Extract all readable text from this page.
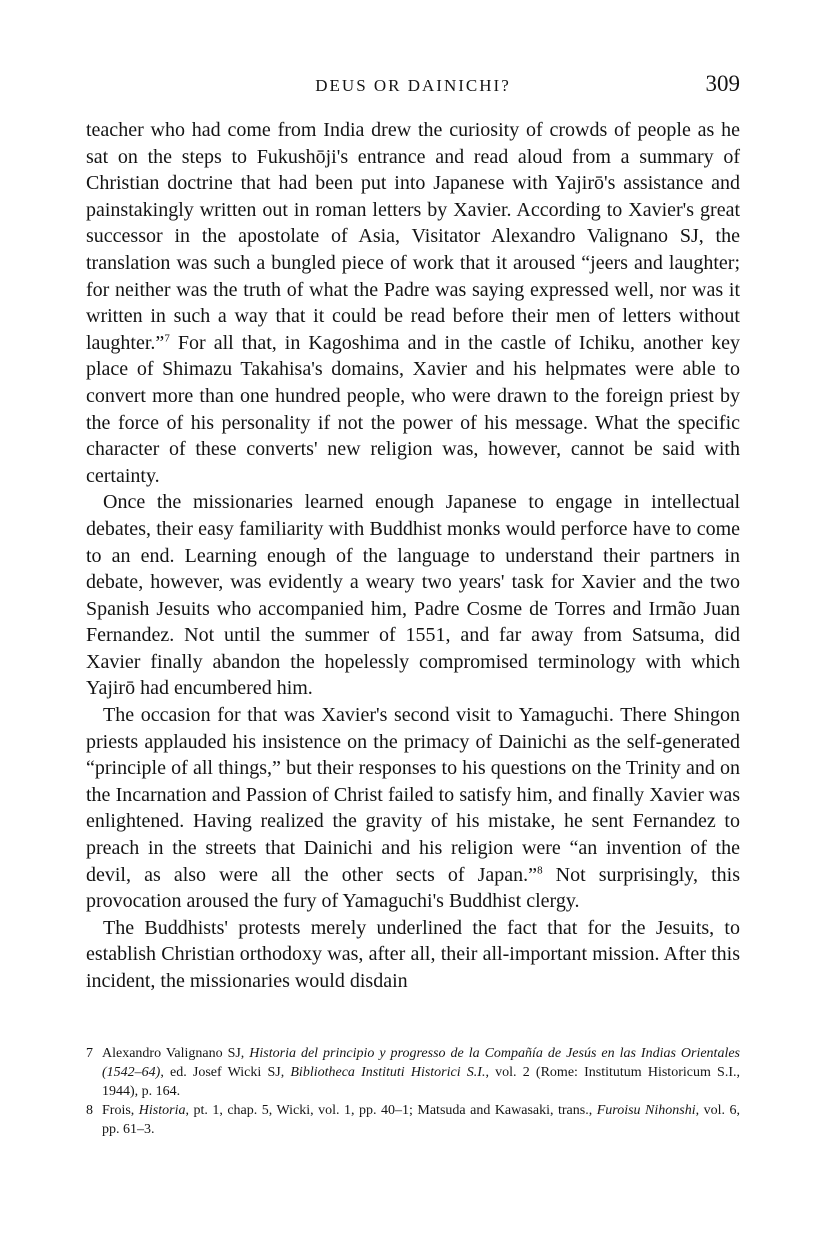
DEUS OR DAINICHI?	309

teacher who had come from India drew the curiosity of crowds of people as he sat on the steps to Fukushōji's entrance and read aloud from a summary of Christian doctrine that had been put into Japanese with Yajirō's assistance and painstakingly written out in roman letters by Xavier. According to Xavier's great successor in the apostolate of Asia, Visitator Alexandro Valignano SJ, the translation was such a bungled piece of work that it aroused “jeers and laughter; for neither was the truth of what the Padre was saying expressed well, nor was it written in such a way that it could be read before their men of letters without laughter.”$^7$ For all that, in Kagoshima and in the castle of Ichiku, another key place of Shimazu Takahisa's domains, Xavier and his helpmates were able to convert more than one hundred people, who were drawn to the foreign priest by the force of his personality if not the power of his message. What the specific character of these converts' new religion was, however, cannot be said with certainty.

Once the missionaries learned enough Japanese to engage in intellectual debates, their easy familiarity with Buddhist monks would perforce have to come to an end. Learning enough of the language to understand their partners in debate, however, was evidently a weary two years' task for Xavier and the two Spanish Jesuits who accompanied him, Padre Cosme de Torres and Irmão Juan Fernandez. Not until the summer of 1551, and far away from Satsuma, did Xavier finally abandon the hopelessly compromised terminology with which Yajirō had encumbered him.

The occasion for that was Xavier's second visit to Yamaguchi. There Shingon priests applauded his insistence on the primacy of Dainichi as the self-generated “principle of all things,” but their responses to his questions on the Trinity and on the Incarnation and Passion of Christ failed to satisfy him, and finally Xavier was enlightened. Having realized the gravity of his mistake, he sent Fernandez to preach in the streets that Dainichi and his religion were “an invention of the devil, as also were all the other sects of Japan.”$^8$ Not surprisingly, this provocation aroused the fury of Yamaguchi's Buddhist clergy.

The Buddhists' protests merely underlined the fact that for the Jesuits, to establish Christian orthodoxy was, after all, their all-important mission. After this incident, the missionaries would disdain

7 Alexandro Valignano SJ, Historia del principio y progresso de la Compañía de Jesús en las Indias Orientales (1542–64), ed. Josef Wicki SJ, Bibliotheca Instituti Historici S.I., vol. 2 (Rome: Institutum Historicum S.I., 1944), p. 164.
8 Frois, Historia, pt. 1, chap. 5, Wicki, vol. 1, pp. 40–1; Matsuda and Kawasaki, trans., Furoisu Nihonshi, vol. 6, pp. 61–3.
